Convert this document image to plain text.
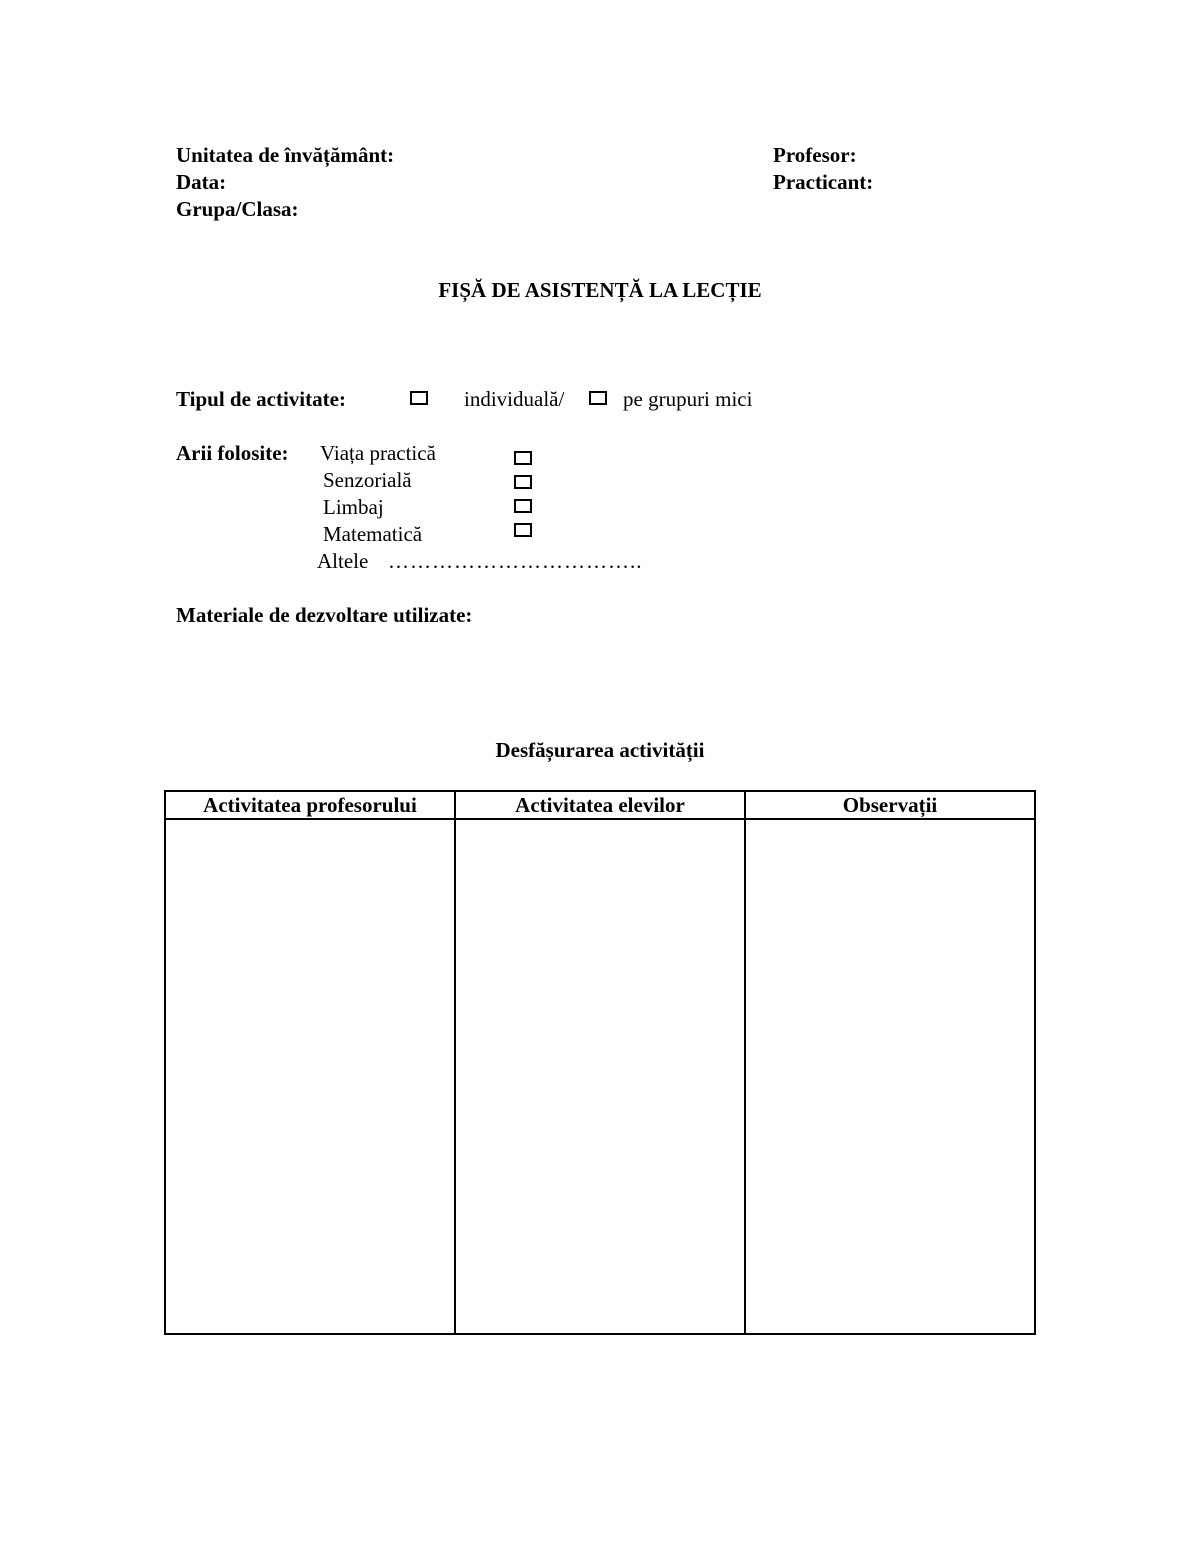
Unitatea de învățământ:
Data:
Grupa/Clasa:
Profesor:
Practicant:
FIȘĂ DE ASISTENȚĂ LA LECȚIE
Tipul de activitate:	individuală/	pe grupuri mici
Arii folosite: Viața practică
Senzorială
Limbaj
Matematică
Altele ……………………………..
Materiale de dezvoltare utilizate:
Desfășurarea activității
Activitatea profesorului	Activitatea elevilor	Observații
